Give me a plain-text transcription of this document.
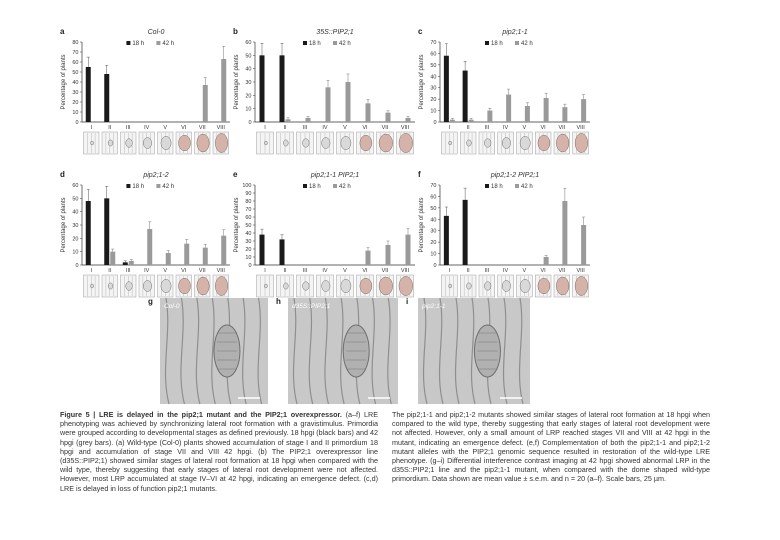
a	Col-0
0
10
20
30
40
50
60
70
80
Percentage of plants
18 h	42 h
I	II	III IV	V	VI VII VIII
b	35S::PIP2;1
0
10
20
30
40
50
60
Percentage of plants
18 h	42 h
I	II	III	IV	V	VI	VII VIII
c	pip2;1-1
0
10
20
30
40
50
60
70
Percentage of plants
18 h	42 h
I	II	III	IV	V	VI VII VIII
d	pip2;1-2
0
10
20
30
40
50
60
Percentage of plants
18 h	42 h
I	II	III IV	V	VI VII VIII
e	pip2;1-1 PIP2;1
0
10
20
30
40
50
60
70
80
90
100
Percentage of plants
18 h	42 h
I	II	III	IV	V	VI	VII VIII
f	pip2;1-2 PIP2;1
0
10
20
30
40
50
60
70
Percentage of plants
18 h	42 h
I	II	III	IV	V	VI VII VIII
g
Col-0
h
d35S::PIP2;1
i
pip2;1-1
Figure 5 | LRE is delayed in the pip2;1 mutant and the PIP2;1 overexpressor. (a–f) LRE phenotyping was achieved by synchronizing lateral root formation with a gravistimulus. Primordia were grouped according to developmental stages as defined previously. 18 hpgi (black bars) and 42 hpgi (grey bars). (a) Wild-type (Col-0) plants showed accumulation of stage I and II primordium 18 hpgi and accumulation of stage VII and VIII 42 hpgi. (b) The PIP2;1 overexpressor line (d35S::PIP2;1) showed similar stages of lateral root formation at 18 hpgi when compared with the wild type, thereby suggesting that early stages of lateral root development were not affected. However, most LRP accumulated at stage IV–VI at 42 hpgi, indicating an emergence defect. (c,d) LRE is delayed in loss of function pip2;1 mutants.
The pip2;1-1 and pip2;1-2 mutants showed similar stages of lateral root formation at 18 hpgi when compared to the wild type, thereby suggesting that early stages of lateral root development were not affected. However, only a small amount of LRP reached stages VII and VIII at 42 hpgi in the mutant, indicating an emergence defect. (e,f) Complementation of both the pip2;1-1 and pip2;1-2 mutant alleles with the PIP2;1 genomic sequence resulted in restoration of the wild-type LRE phenotype. (g–i) Differential interference contrast imaging at 42 hpgi showed abnormal LRP in the d35S::PIP2;1 line and the pip2;1-1 mutant, when compared with the dome shaped wild-type primordium. Data shown are mean value ± s.e.m. and n = 20 (a–f). Scale bars, 25 µm.
